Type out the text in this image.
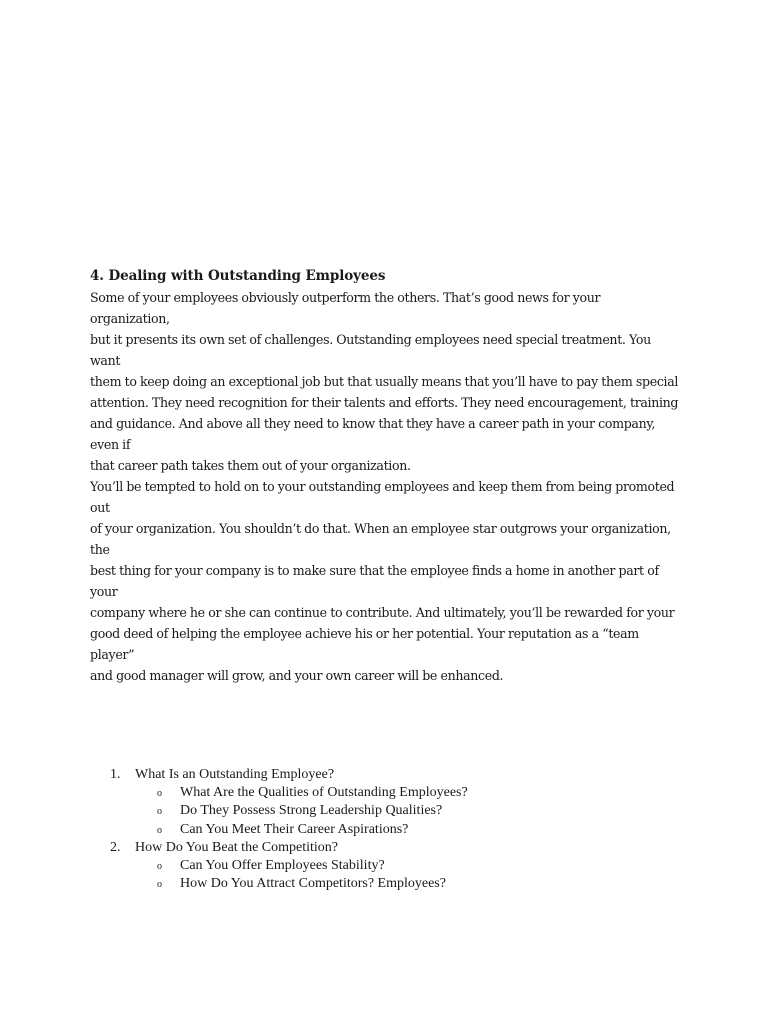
4. Dealing with Outstanding Employees

Some of your employees obviously outperform the others. That’s good news for your organization,

but it presents its own set of challenges. Outstanding employees need special treatment. You want

them to keep doing an exceptional job but that usually means that you’ll have to pay them special

attention. They need recognition for their talents and efforts. They need encouragement, training

and guidance. And above all they need to know that they have a career path in your company, even if

that career path takes them out of your organization.

You’ll be tempted to hold on to your outstanding employees and keep them from being promoted out

of your organization. You shouldn’t do that. When an employee star outgrows your organization, the

best thing for your company is to make sure that the employee finds a home in another part of your

company where he or she can continue to contribute. And ultimately, you’ll be rewarded for your

good deed of helping the employee achieve his or her potential. Your reputation as a “team player”

and good manager will grow, and your own career will be enhanced.

1.	What Is an Outstanding Employee?
o	What Are the Qualities of Outstanding Employees?
o	Do They Possess Strong Leadership Qualities?
o	Can You Meet Their Career Aspirations?
2.	How Do You Beat the Competition?
o	Can You Offer Employees Stability?
o	How Do You Attract Competitors? Employees?
